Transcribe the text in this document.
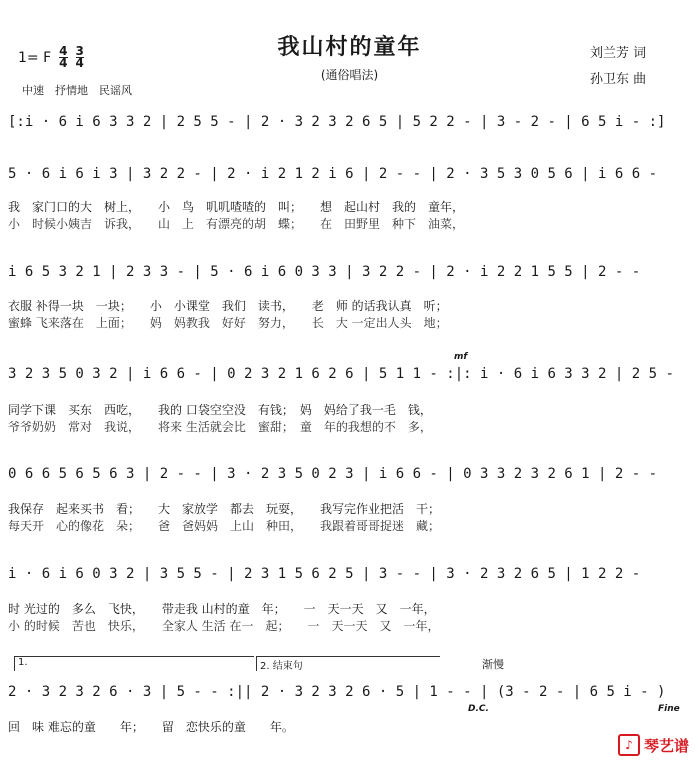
我山村的童年
(通俗唱法)
1= F $\frac{4}{4} \frac{3}{4}$
中速　抒情地　民谣风
刘兰芳 词
孙卫东 曲
[:i · 6 i 6 3 3 2 | 2 5 5 - | 2 · 3 2 3 2 6 5 | 5 2 2 - | 3 - 2 - | 6 5 i - :]
5 · 6 i 6 i 3 | 3 2 2 - | 2 · i 2 1 2 i 6 | 2 - - | 2 · 3 5 3 0 5 6 | i 6 6 -
我　家门口的大　树上，　　小　鸟　叽叽喳喳的　叫；　　想　起山村　我的　童年，
小　时候小姨吉　诉我，　　山　上　有漂亮的胡　蝶；　　在　田野里　种下　油菜，
i 6 5 3 2 1 | 2 3 3 - | 5 · 6 i 6 0 3 3 | 3 2 2 - | 2 · i 2 2 1 5 5 | 2 - -
衣服 补得一块　一块；　　小　小课堂　我们　读书，　　老　师 的话我认真　听；
蜜蜂 飞来落在　上面；　　妈　妈教我　好好　努力，　　长　大 一定出人头　地；
mf
3 2 3 5 0 3 2 | i 6 6 - | 0 2 3 2 1 6 2 6 | 5 1 1 - :|: i · 6 i 6 3 3 2 | 2 5 -
同学下课　买东　西吃，　　我的 口袋空空没　有钱；　妈　妈给了我一毛　钱，
爷爷奶奶　常对　我说，　　将来 生活就会比　蜜甜；　童　年的我想的不　多，
0 6 6 5 6 5 6 3 | 2 - - | 3 · 2 3 5 0 2 3 | i 6 6 - | 0 3 3 2 3 2 6 1 | 2 - -
我保存　起来买书　看；　　大　家放学　都去　玩耍，　　我写完作业把活　干；
每天开　心的像花　朵；　　爸　爸妈妈　上山　种田，　　我跟着哥哥捉迷　藏；
i · 6 i 6 0 3 2 | 3 5 5 - | 2 3 1 5 6 2 5 | 3 - - | 3 · 2 3 2 6 5 | 1 2 2 -
时 光过的　多么　飞快，　　带走我 山村的童　年；　　一　天一天　又　一年，
小 的时候　苦也　快乐，　　全家人 生活 在一　起；　　一　天一天　又　一年，
1.	2. 结束句	渐慢
2 · 3 2 3 2 6 · 3 | 5 - - :|| 2 · 3 2 3 2 6 · 5 | 1 - - | (3 - 2 - | 6 5 i - )
D.C.	Fine
回　味 难忘的童　　年；　　留　恋快乐的童　　年。
♪ 琴艺谱
